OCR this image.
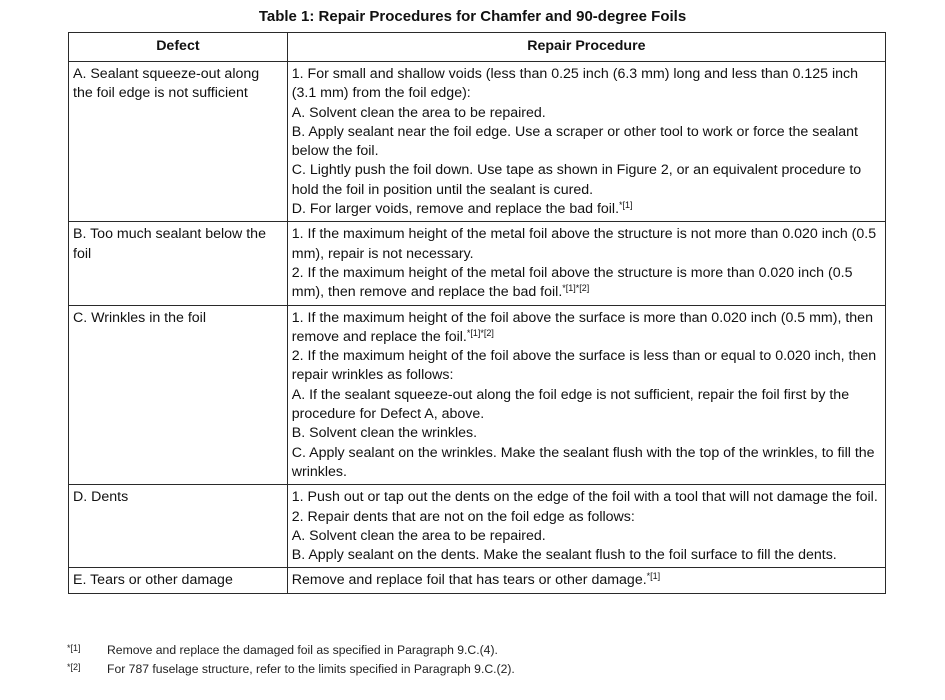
Table 1: Repair Procedures for Chamfer and 90-degree Foils
Defect	Repair Procedure
A. Sealant squeeze-out along the foil edge is not sufficient	1. For small and shallow voids (less than 0.25 inch (6.3 mm) long and less than 0.125 inch (3.1 mm) from the foil edge):
A. Solvent clean the area to be repaired.
B. Apply sealant near the foil edge. Use a scraper or other tool to work or force the sealant below the foil.
C. Lightly push the foil down. Use tape as shown in Figure 2, or an equivalent procedure to hold the foil in position until the sealant is cured.
D. For larger voids, remove and replace the bad foil.$^{*[1]}$

B. Too much sealant below the foil	1. If the maximum height of the metal foil above the structure is not more than 0.020 inch (0.5 mm), repair is not necessary.
2. If the maximum height of the metal foil above the structure is more than 0.020 inch (0.5 mm), then remove and replace the bad foil.$^{*[1]*[2]}$

C. Wrinkles in the foil	1. If the maximum height of the foil above the surface is more than 0.020 inch (0.5 mm), then remove and replace the foil.$^{*[1]*[2]}$
2. If the maximum height of the foil above the surface is less than or equal to 0.020 inch, then repair wrinkles as follows:
A. If the sealant squeeze-out along the foil edge is not sufficient, repair the foil first by the procedure for Defect A, above.
B. Solvent clean the wrinkles.
C. Apply sealant on the wrinkles. Make the sealant flush with the top of the wrinkles, to fill the wrinkles.

D. Dents	1. Push out or tap out the dents on the edge of the foil with a tool that will not damage the foil.
2. Repair dents that are not on the foil edge as follows:
A. Solvent clean the area to be repaired.
B. Apply sealant on the dents. Make the sealant flush to the foil surface to fill the dents.

E. Tears or other damage	Remove and replace foil that has tears or other damage.$^{*[1]}$
$^{*[1]}$ Remove and replace the damaged foil as specified in Paragraph 9.C.(4).
$^{*[2]}$ For 787 fuselage structure, refer to the limits specified in Paragraph 9.C.(2).
